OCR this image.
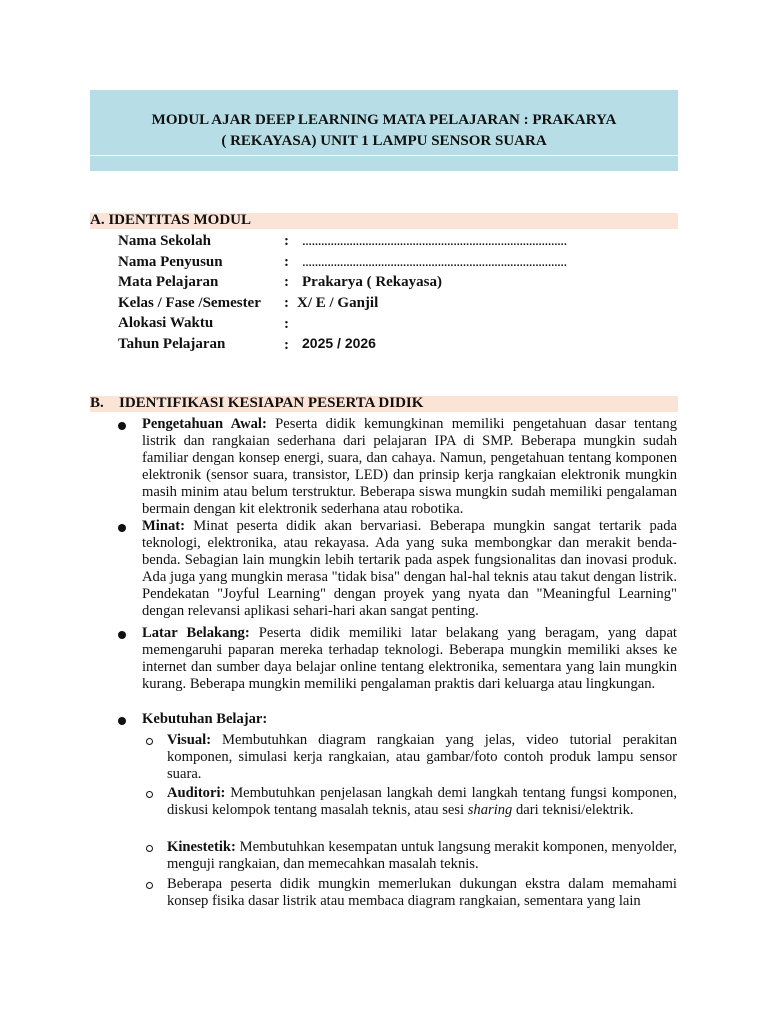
MODUL AJAR DEEP LEARNING MATA PELAJARAN : PRAKARYA
( REKAYASA) UNIT 1 LAMPU SENSOR SUARA
A. IDENTITAS MODUL
Nama Sekolah	: ....................................................................................
Nama Penyusun	: ....................................................................................
Mata Pelajaran	: Prakarya ( Rekayasa)
Kelas / Fase /Semester : X/ E / Ganjil
Alokasi Waktu	:
Tahun Pelajaran	: 2025 / 2026
B. IDENTIFIKASI KESIAPAN PESERTA DIDIK
Pengetahuan Awal: Peserta didik kemungkinan memiliki pengetahuan dasar tentang listrik dan rangkaian sederhana dari pelajaran IPA di SMP. Beberapa mungkin sudah familiar dengan konsep energi, suara, dan cahaya. Namun, pengetahuan tentang komponen elektronik (sensor suara, transistor, LED) dan prinsip kerja rangkaian elektronik mungkin masih minim atau belum terstruktur. Beberapa siswa mungkin sudah memiliki pengalaman bermain dengan kit elektronik sederhana atau robotika.
Minat: Minat peserta didik akan bervariasi. Beberapa mungkin sangat tertarik pada teknologi, elektronika, atau rekayasa. Ada yang suka membongkar dan merakit benda-benda. Sebagian lain mungkin lebih tertarik pada aspek fungsionalitas dan inovasi produk. Ada juga yang mungkin merasa "tidak bisa" dengan hal-hal teknis atau takut dengan listrik. Pendekatan "Joyful Learning" dengan proyek yang nyata dan "Meaningful Learning" dengan relevansi aplikasi sehari-hari akan sangat penting.
Latar Belakang: Peserta didik memiliki latar belakang yang beragam, yang dapat memengaruhi paparan mereka terhadap teknologi. Beberapa mungkin memiliki akses ke internet dan sumber daya belajar online tentang elektronika, sementara yang lain mungkin kurang. Beberapa mungkin memiliki pengalaman praktis dari keluarga atau lingkungan.
Kebutuhan Belajar:
Visual: Membutuhkan diagram rangkaian yang jelas, video tutorial perakitan komponen, simulasi kerja rangkaian, atau gambar/foto contoh produk lampu sensor suara.
Auditori: Membutuhkan penjelasan langkah demi langkah tentang fungsi komponen, diskusi kelompok tentang masalah teknis, atau sesi sharing dari teknisi/elektrik.
Kinestetik: Membutuhkan kesempatan untuk langsung merakit komponen, menyolder, menguji rangkaian, dan memecahkan masalah teknis.
Beberapa peserta didik mungkin memerlukan dukungan ekstra dalam memahami konsep fisika dasar listrik atau membaca diagram rangkaian, sementara yang lain
